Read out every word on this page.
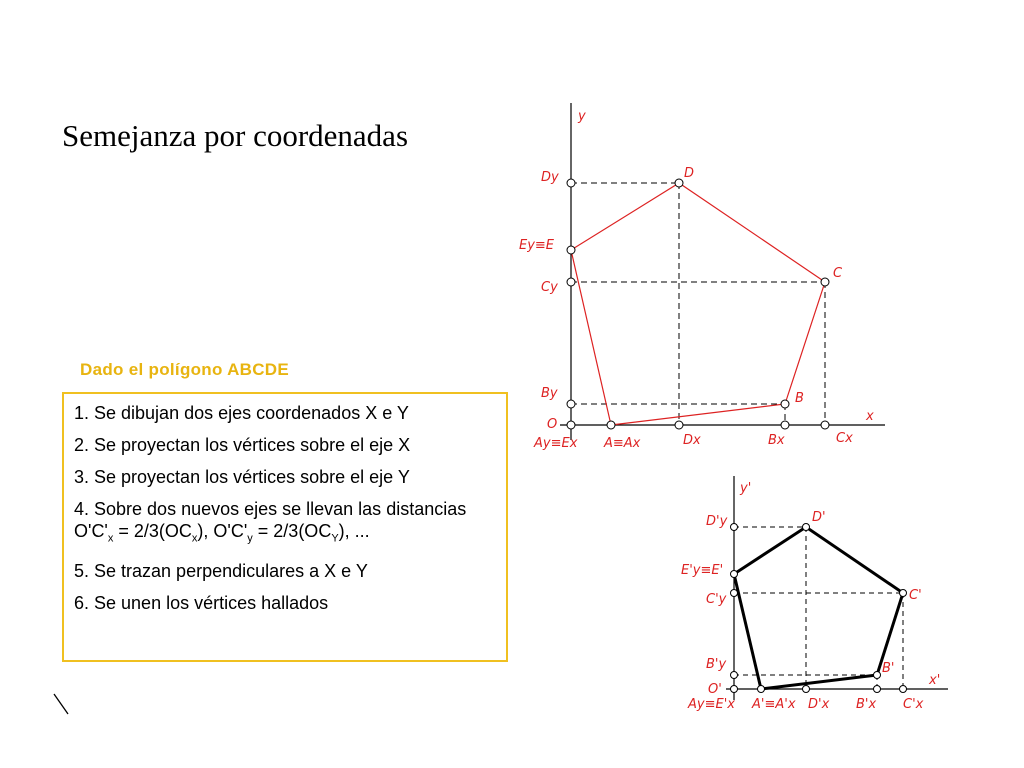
Semejanza por coordenadas
y
x
Dy
Ey≡E
Cy
By
O
Ay≡Ex A≡Ax	Dx	Bx	Cx
B
C
D
y'
x'
D'y
E'y≡E'
C'y
B'y
O'
Ay≡E'x A'≡A'x D'x B'x C'x
B'
C'
D'
Dado el polígono ABCDE
1. Se dibujan dos ejes coordenados X e Y
2. Se proyectan los vértices sobre el eje X
3. Se proyectan los vértices sobre el eje Y
4. Sobre dos nuevos ejes se llevan las distancias $O'C'_x = 2/3(OC_x)$, $O'C'_y = 2/3(OC_Y)$, ...
5. Se trazan perpendiculares a X e Y
6. Se unen los vértices hallados
